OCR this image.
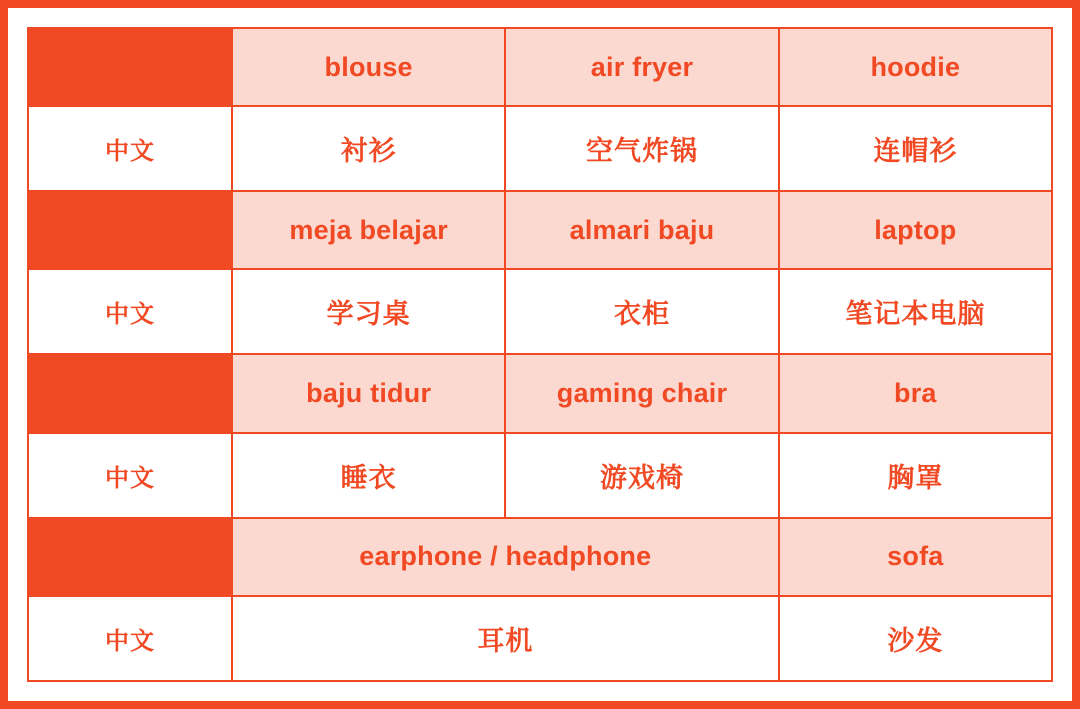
热搜词	blouse	air fryer	hoodie
中文	衬衫	空气炸锅	连帽衫
热搜词	meja belajar	almari baju	laptop
中文	学习桌	衣柜	笔记本电脑
热搜词	baju tidur	gaming chair	bra
中文	睡衣	游戏椅	胸罩
热搜词	earphone / headphone		sofa
中文	耳机		沙发
